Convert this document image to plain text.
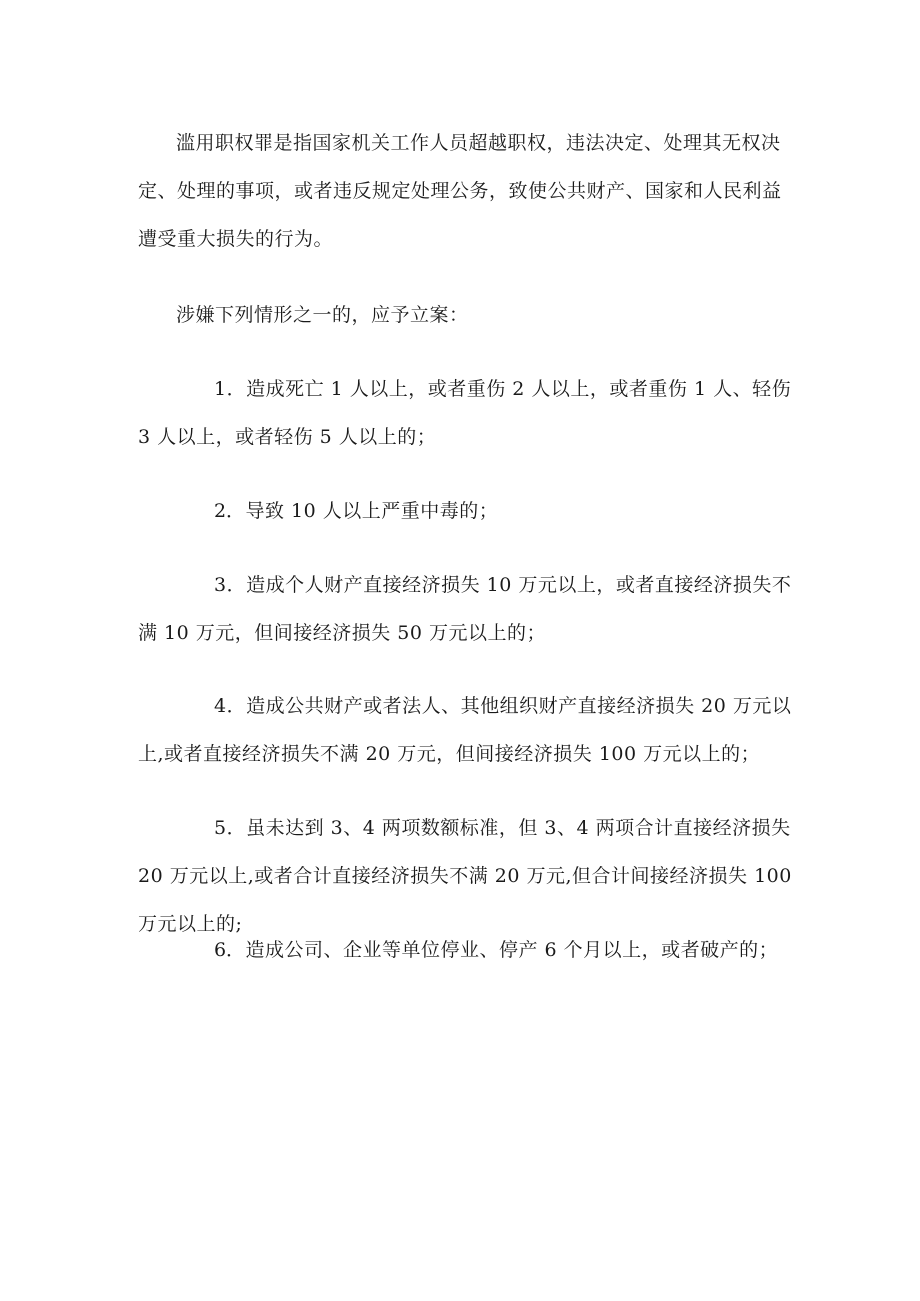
滥用职权罪是指国家机关工作人员超越职权，违法决定、处理其无权决定、处理的事项，或者违反规定处理公务，致使公共财产、国家和人民利益遭受重大损失的行为。

涉嫌下列情形之一的，应予立案：

1．造成死亡 1 人以上，或者重伤 2 人以上，或者重伤 1 人、轻伤 3 人以上，或者轻伤 5 人以上的；

2．导致 10 人以上严重中毒的；

3．造成个人财产直接经济损失 10 万元以上，或者直接经济损失不满 10 万元，但间接经济损失 50 万元以上的；

4．造成公共财产或者法人、其他组织财产直接经济损失 20 万元以上,或者直接经济损失不满 20 万元，但间接经济损失 100 万元以上的；

5．虽未达到 3、4 两项数额标准，但 3、4 两项合计直接经济损失 20 万元以上,或者合计直接经济损失不满 20 万元,但合计间接经济损失 100 万元以上的;

6．造成公司、企业等单位停业、停产 6 个月以上，或者破产的；
